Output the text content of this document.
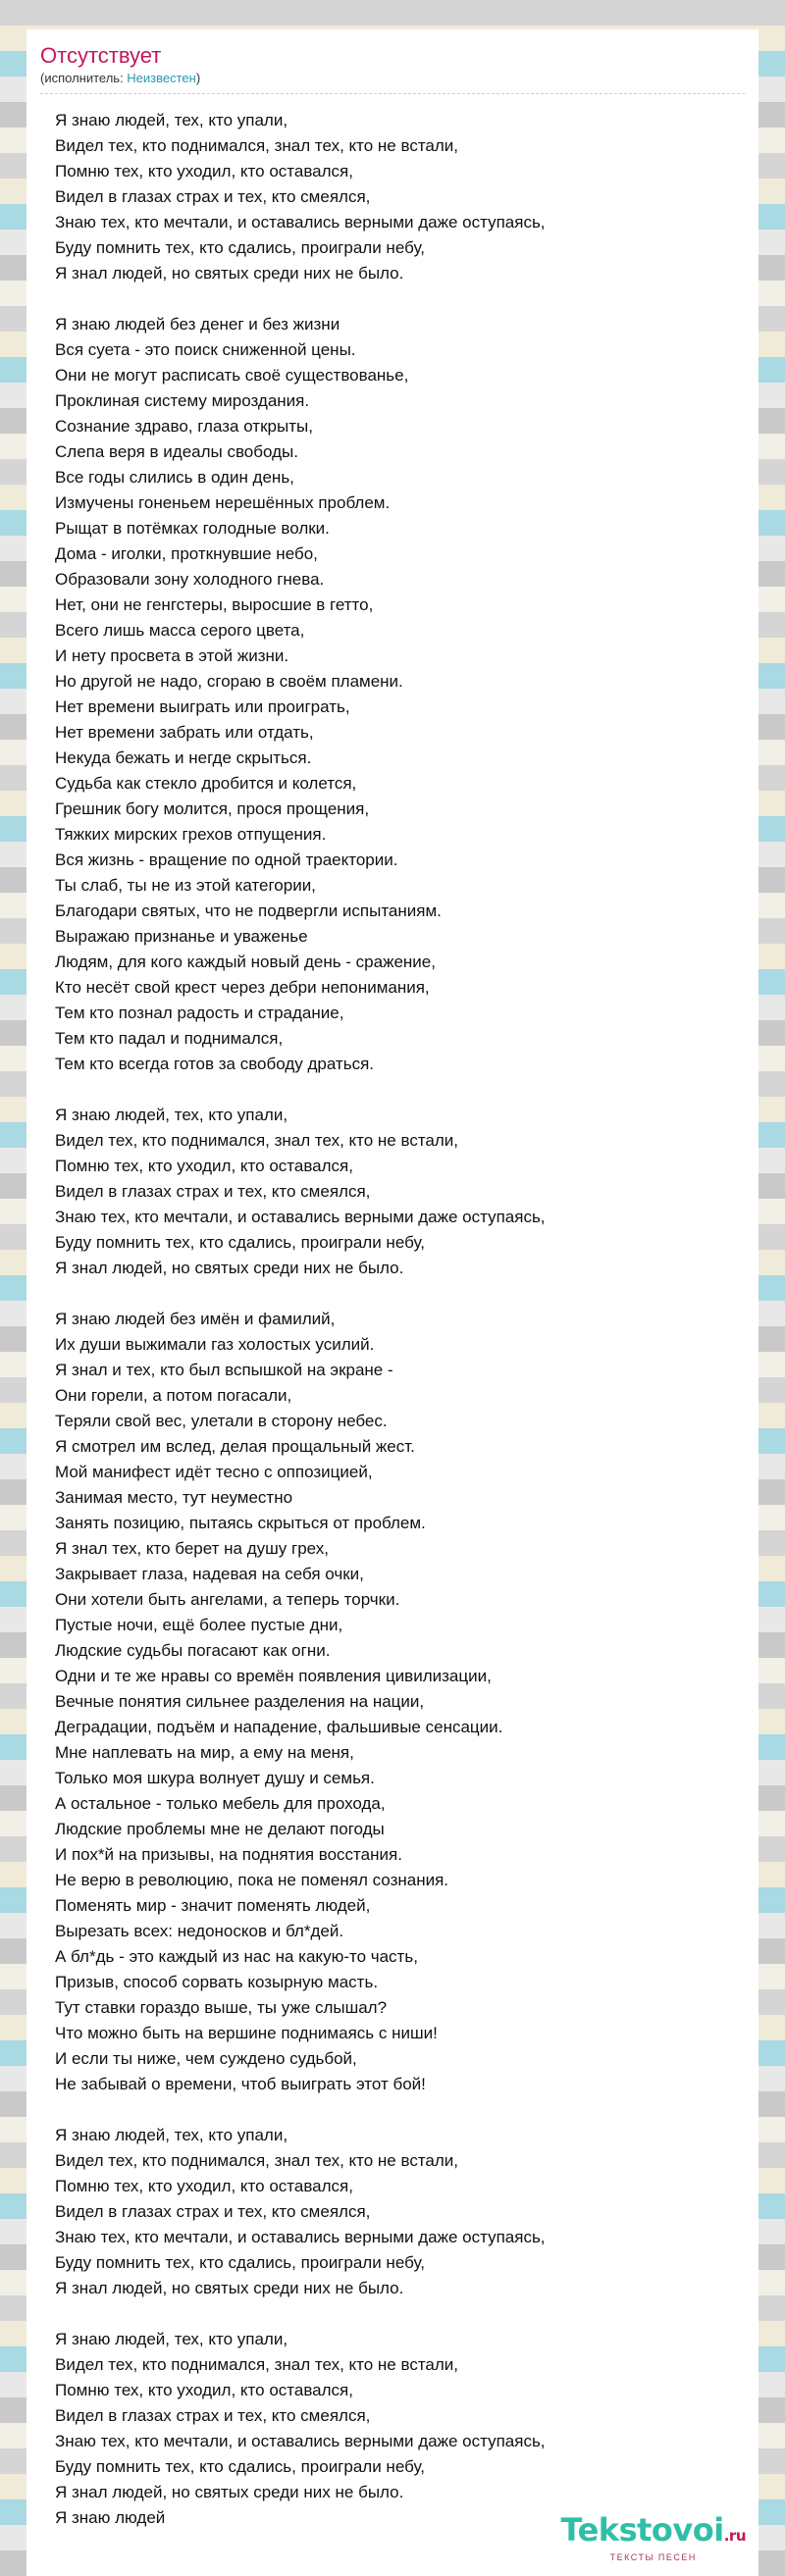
Отсутствует
(исполнитель: Неизвестен)
Я знаю людей, тех, кто упали,
Видел тех, кто поднимался, знал тех, кто не встали,
Помню тех, кто уходил, кто оставался,
Видел в глазах страх и тех, кто смеялся,
Знаю тех, кто мечтали, и оставались верными даже оступаясь,
Буду помнить тех, кто сдались, проиграли небу,
Я знал людей, но святых среди них не было.
Я знаю людей без денег и без жизни
Вся суета - это поиск сниженной цены.
Они не могут расписать своё существованье,
Проклиная систему мироздания.
Сознание здраво, глаза открыты,
Слепа веря в идеалы свободы.
Все годы слились в один день,
Измучены гоненьем нерешённых проблем.
Рыщат в потёмках голодные волки.
Дома - иголки, проткнувшие небо,
Образовали зону холодного гнева.
Нет, они не генгстеры, выросшие в гетто,
Всего лишь масса серого цвета,
И нету просвета в этой жизни.
Но другой не надо, сгораю в своём пламени.
Нет времени выиграть или проиграть,
Нет времени забрать или отдать,
Некуда бежать и негде скрыться.
Судьба как стекло дробится и колется,
Грешник богу молится, прося прощения,
Тяжких мирских грехов отпущения.
Вся жизнь - вращение по одной траектории.
Ты слаб, ты не из этой категории,
Благодари святых, что не подвергли испытаниям.
Выражаю признанье и уваженье
Людям, для кого каждый новый день - сражение,
Кто несёт свой крест через дебри непонимания,
Тем кто познал радость и страдание,
Тем кто падал и поднимался,
Тем кто всегда готов за свободу драться.
Я знаю людей, тех, кто упали,
Видел тех, кто поднимался, знал тех, кто не встали,
Помню тех, кто уходил, кто оставался,
Видел в глазах страх и тех, кто смеялся,
Знаю тех, кто мечтали, и оставались верными даже оступаясь,
Буду помнить тех, кто сдались, проиграли небу,
Я знал людей, но святых среди них не было.
Я знаю людей без имён и фамилий,
Их души выжимали газ холостых усилий.
Я знал и тех, кто был вспышкой на экране -
Они горели, а потом погасали,
Теряли свой вес, улетали в сторону небес.
Я смотрел им вслед, делая прощальный жест.
Мой манифест идёт тесно с оппозицией,
Занимая место, тут неуместно
Занять позицию, пытаясь скрыться от проблем.
Я знал тех, кто берет на душу грех,
Закрывает глаза, надевая на себя очки,
Они хотели быть ангелами, а теперь торчки.
Пустые ночи, ещё более пустые дни,
Людские судьбы погасают как огни.
Одни и те же нравы со времён появления цивилизации,
Вечные понятия сильнее разделения на нации,
Деградации, подъём и нападение, фальшивые сенсации.
Мне наплевать на мир, а ему на меня,
Только моя шкура волнует душу и семья.
А остальное - только мебель для прохода,
Людские проблемы мне не делают погоды
И пох*й на призывы, на поднятия восстания.
Не верю в революцию, пока не поменял сознания.
Поменять мир - значит поменять людей,
Вырезать всех: недоносков и бл*дей.
А бл*дь - это каждый из нас на какую-то часть,
Призыв, способ сорвать козырную масть.
Тут ставки гораздо выше, ты уже слышал?
Что можно быть на вершине поднимаясь с ниши!
И если ты ниже, чем суждено судьбой,
Не забывай о времени, чтоб выиграть этот бой!
Я знаю людей, тех, кто упали,
Видел тех, кто поднимался, знал тех, кто не встали,
Помню тех, кто уходил, кто оставался,
Видел в глазах страх и тех, кто смеялся,
Знаю тех, кто мечтали, и оставались верными даже оступаясь,
Буду помнить тех, кто сдались, проиграли небу,
Я знал людей, но святых среди них не было.
Я знаю людей, тех, кто упали,
Видел тех, кто поднимался, знал тех, кто не встали,
Помню тех, кто уходил, кто оставался,
Видел в глазах страх и тех, кто смеялся,
Знаю тех, кто мечтали, и оставались верными даже оступаясь,
Буду помнить тех, кто сдались, проиграли небу,
Я знал людей, но святых среди них не было.
Я знаю людей	Tekstovoi.ru
ТЕКСТЫ ПЕСЕН
